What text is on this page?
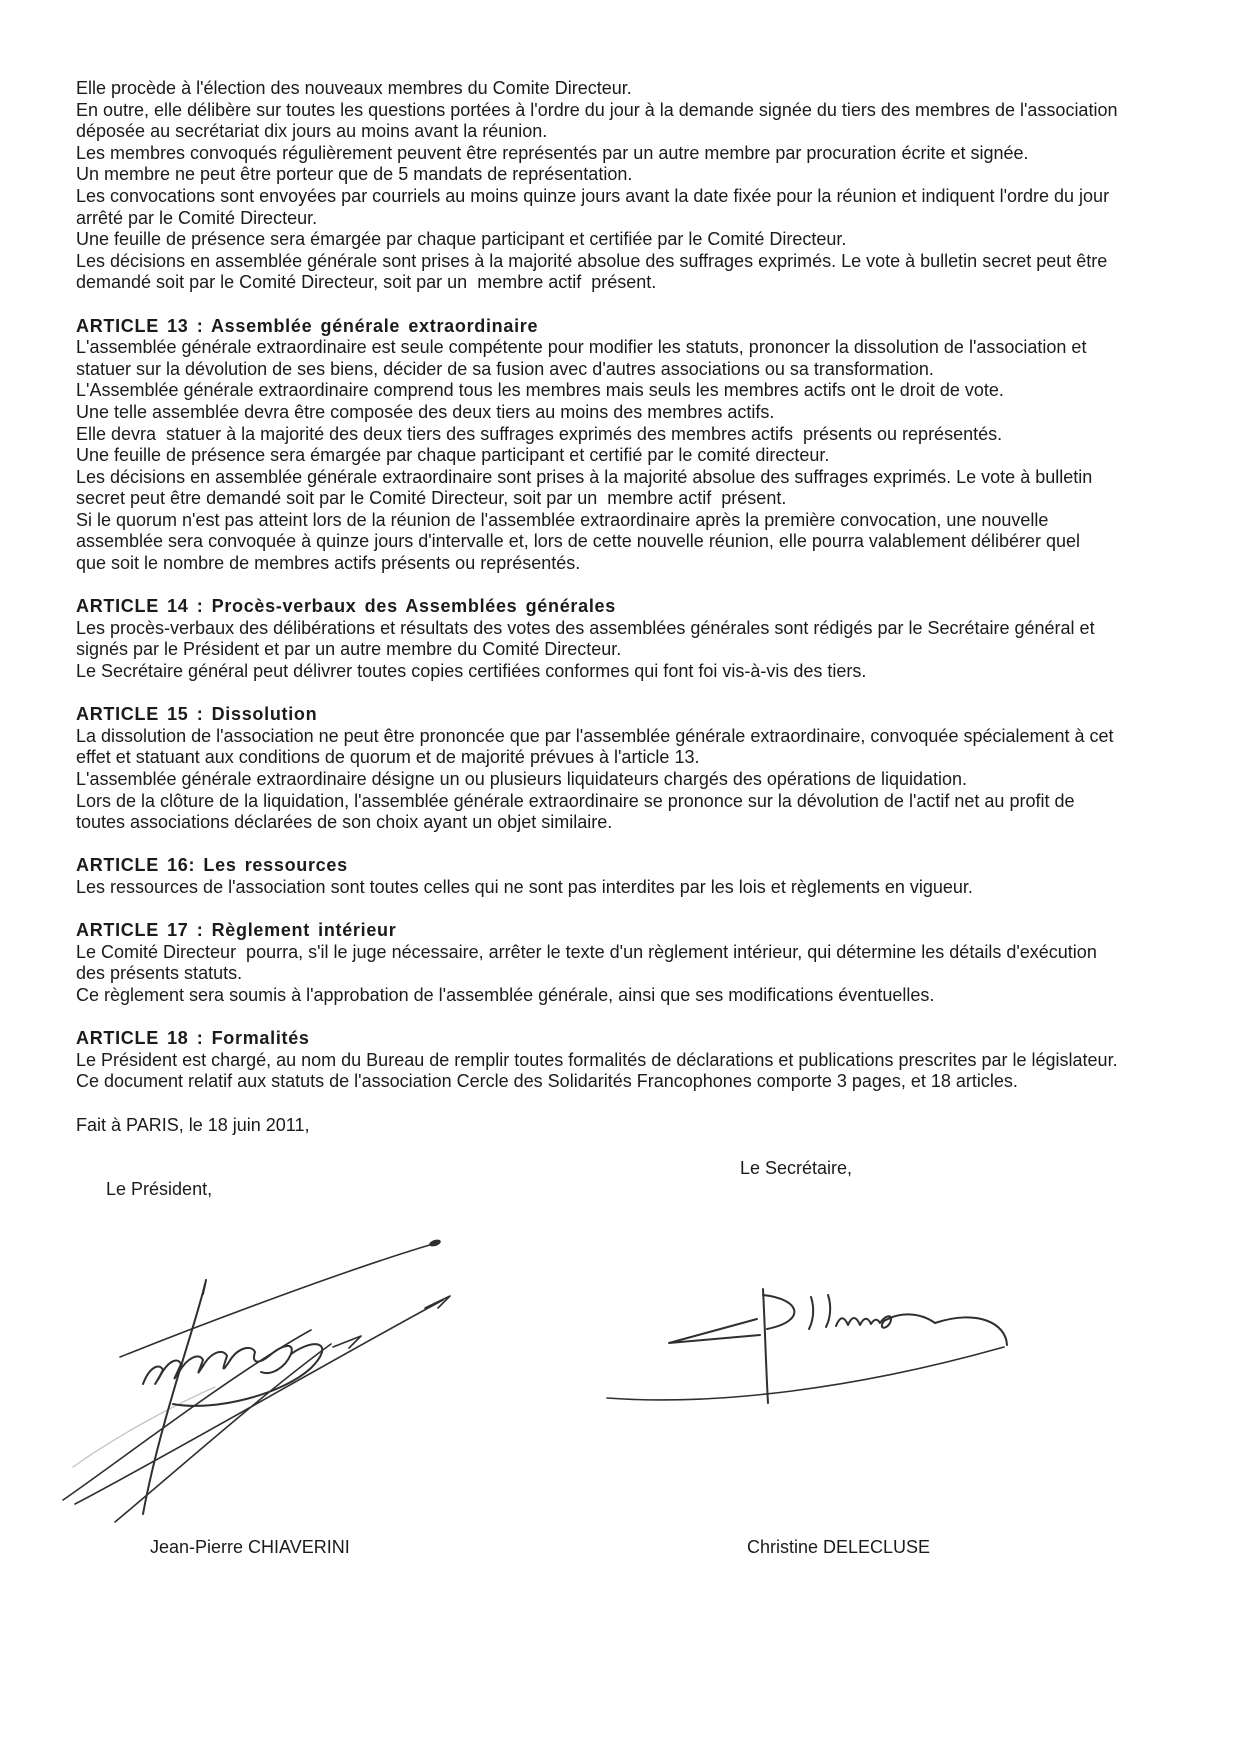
Elle procède à l'élection des nouveaux membres du Comite Directeur.
En outre, elle délibère sur toutes les questions portées à l'ordre du jour à la demande signée du tiers des membres de l'association
déposée au secrétariat dix jours au moins avant la réunion.
Les membres convoqués régulièrement peuvent être représentés par un autre membre par procuration écrite et signée.
Un membre ne peut être porteur que de 5 mandats de représentation.
Les convocations sont envoyées par courriels au moins quinze jours avant la date fixée pour la réunion et indiquent l'ordre du jour
arrêté par le Comité Directeur.
Une feuille de présence sera émargée par chaque participant et certifiée par le Comité Directeur.
Les décisions en assemblée générale sont prises à la majorité absolue des suffrages exprimés. Le vote à bulletin secret peut être
demandé soit par le Comité Directeur, soit par un  membre actif  présent.
ARTICLE 13 : Assemblée générale extraordinaire
L'assemblée générale extraordinaire est seule compétente pour modifier les statuts, prononcer la dissolution de l'association et
statuer sur la dévolution de ses biens, décider de sa fusion avec d'autres associations ou sa transformation.
L'Assemblée générale extraordinaire comprend tous les membres mais seuls les membres actifs ont le droit de vote.
Une telle assemblée devra être composée des deux tiers au moins des membres actifs.
Elle devra  statuer à la majorité des deux tiers des suffrages exprimés des membres actifs  présents ou représentés.
Une feuille de présence sera émargée par chaque participant et certifié par le comité directeur.
Les décisions en assemblée générale extraordinaire sont prises à la majorité absolue des suffrages exprimés. Le vote à bulletin
secret peut être demandé soit par le Comité Directeur, soit par un  membre actif  présent.
Si le quorum n'est pas atteint lors de la réunion de l'assemblée extraordinaire après la première convocation, une nouvelle
assemblée sera convoquée à quinze jours d'intervalle et, lors de cette nouvelle réunion, elle pourra valablement délibérer quel
que soit le nombre de membres actifs présents ou représentés.
ARTICLE 14 : Procès-verbaux des Assemblées générales
Les procès-verbaux des délibérations et résultats des votes des assemblées générales sont rédigés par le Secrétaire général et
signés par le Président et par un autre membre du Comité Directeur.
Le Secrétaire général peut délivrer toutes copies certifiées conformes qui font foi vis-à-vis des tiers.
ARTICLE 15 : Dissolution
La dissolution de l'association ne peut être prononcée que par l'assemblée générale extraordinaire, convoquée spécialement à cet
effet et statuant aux conditions de quorum et de majorité prévues à l'article 13.
L'assemblée générale extraordinaire désigne un ou plusieurs liquidateurs chargés des opérations de liquidation.
Lors de la clôture de la liquidation, l'assemblée générale extraordinaire se prononce sur la dévolution de l'actif net au profit de
toutes associations déclarées de son choix ayant un objet similaire.
ARTICLE 16: Les ressources
Les ressources de l'association sont toutes celles qui ne sont pas interdites par les lois et règlements en vigueur.
ARTICLE 17 : Règlement intérieur
Le Comité Directeur  pourra, s'il le juge nécessaire, arrêter le texte d'un règlement intérieur, qui détermine les détails d'exécution
des présents statuts.
Ce règlement sera soumis à l'approbation de l'assemblée générale, ainsi que ses modifications éventuelles.
ARTICLE 18 : Formalités
Le Président est chargé, au nom du Bureau de remplir toutes formalités de déclarations et publications prescrites par le législateur.
Ce document relatif aux statuts de l'association Cercle des Solidarités Francophones comporte 3 pages, et 18 articles.
Fait à PARIS, le 18 juin 2011,

Le Président,

Le Secrétaire,

Jean-Pierre CHIAVERINI	Christine DELECLUSE
